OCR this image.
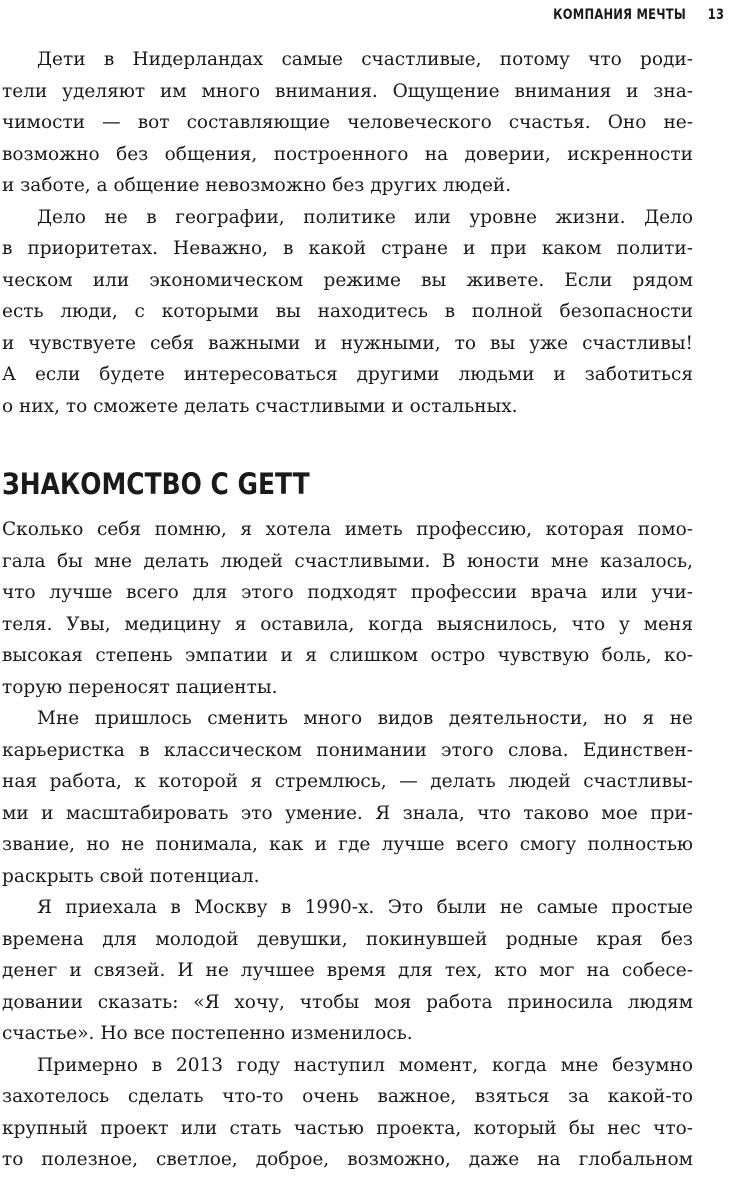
КОМПАНИЯ МЕЧТЫ 13

Дети в Нидерландах самые счастливые, потому что роди-
тели уделяют им много внимания. Ощущение внимания и зна-
чимости — вот составляющие человеческого счастья. Оно не-
возможно без общения, построенного на доверии, искренности
и заботе, а общение невозможно без других людей.

Дело не в географии, политике или уровне жизни. Дело
в приоритетах. Неважно, в какой стране и при каком полити-
ческом или экономическом режиме вы живете. Если рядом
есть люди, с которыми вы находитесь в полной безопасности
и чувствуете себя важными и нужными, то вы уже счастливы!
А если будете интересоваться другими людьми и заботиться
о них, то сможете делать счастливыми и остальных.

ЗНАКОМСТВО С GETT

Сколько себя помню, я хотела иметь профессию, которая помо-
гала бы мне делать людей счастливыми. В юности мне казалось,
что лучше всего для этого подходят профессии врача или учи-
теля. Увы, медицину я оставила, когда выяснилось, что у меня
высокая степень эмпатии и я слишком остро чувствую боль, ко-
торую переносят пациенты.

Мне пришлось сменить много видов деятельности, но я не
карьеристка в классическом понимании этого слова. Единствен-
ная работа, к которой я стремлюсь, — делать людей счастливы-
ми и масштабировать это умение. Я знала, что таково мое при-
звание, но не понимала, как и где лучше всего смогу полностью
раскрыть свой потенциал.

Я приехала в Москву в 1990-х. Это были не самые простые
времена для молодой девушки, покинувшей родные края без
денег и связей. И не лучшее время для тех, кто мог на собесе-
довании сказать: «Я хочу, чтобы моя работа приносила людям
счастье». Но все постепенно изменилось.

Примерно в 2013 году наступил момент, когда мне безумно
захотелось сделать что-то очень важное, взяться за какой-то
крупный проект или стать частью проекта, который бы нес что-
то полезное, светлое, доброе, возможно, даже на глобальном
